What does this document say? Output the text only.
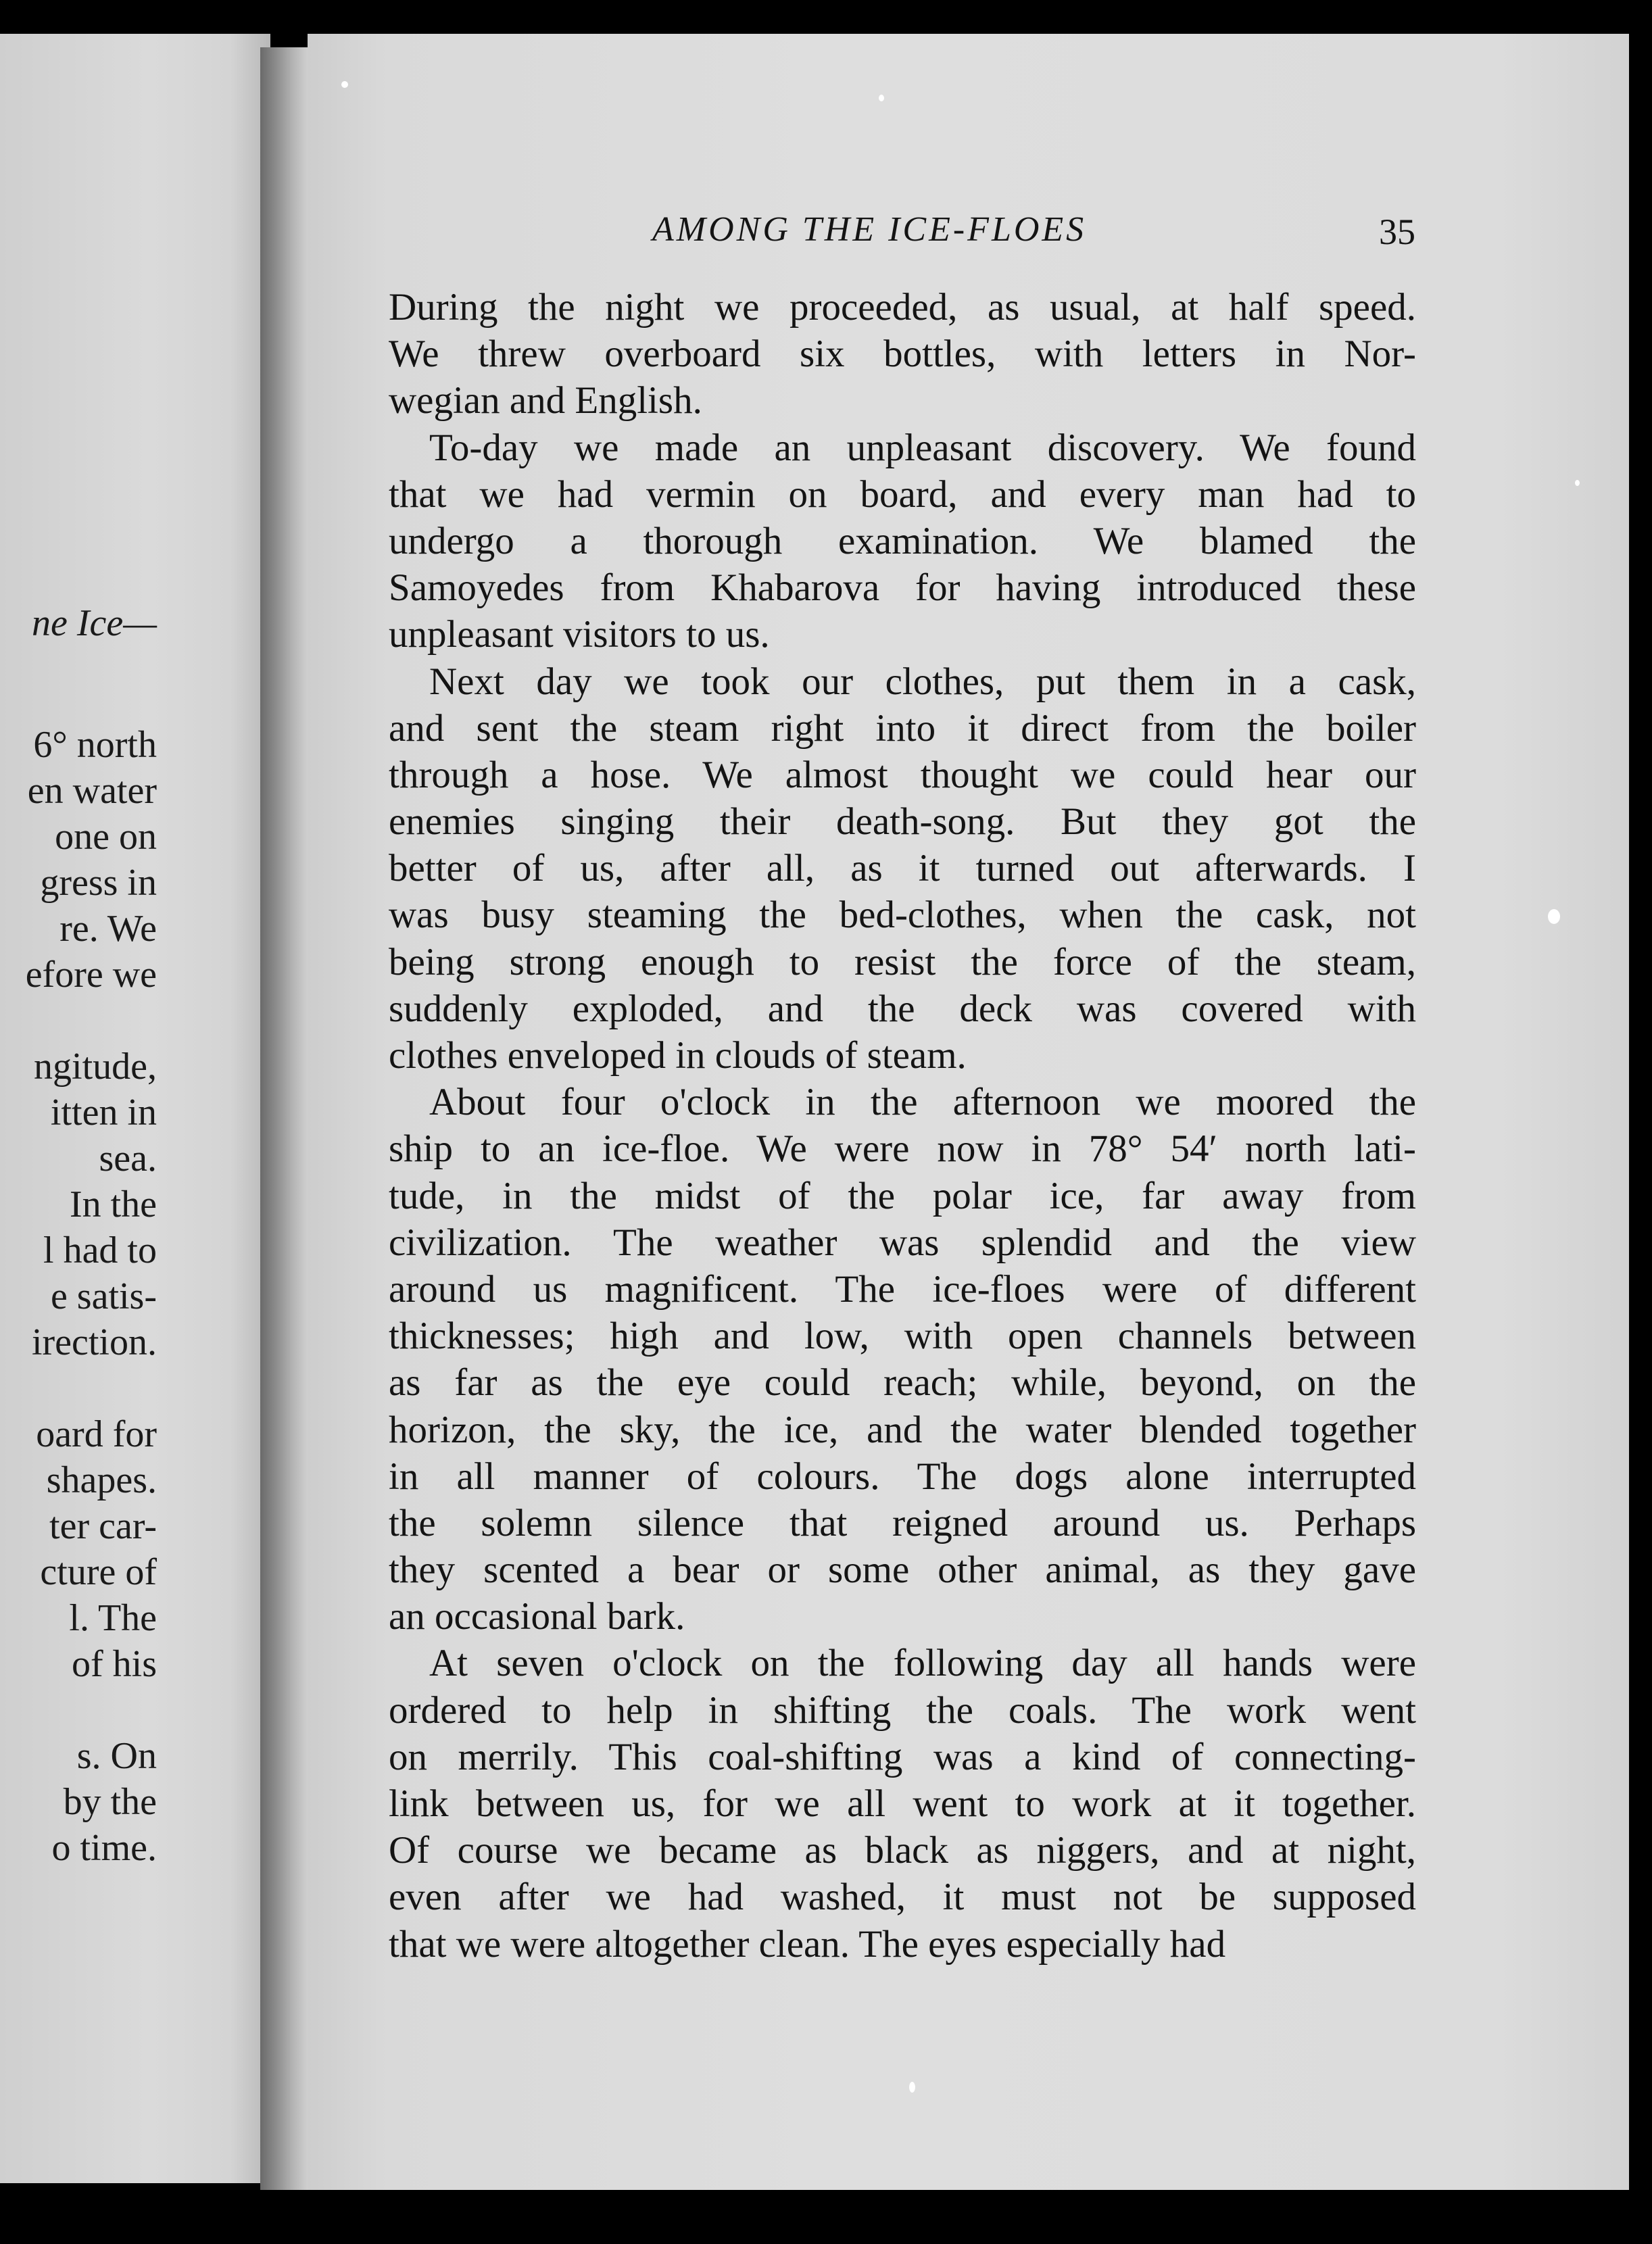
ne Ice—
6° north
en water
one on
gress in
re. We
efore we
ngitude,
itten in
sea.
In the
l had to
e satis-
irection.
oard for
shapes.
ter car-
cture of
l. The
of his
s. On
by the
o time.
AMONG THE ICE-FLOES	35
During the night we proceeded, as usual, at half speed.
We threw overboard six bottles, with letters in Nor-
wegian and English.
To-day we made an unpleasant discovery. We found
that we had vermin on board, and every man had to
undergo a thorough examination. We blamed the
Samoyedes from Khabarova for having introduced these
unpleasant visitors to us.
Next day we took our clothes, put them in a cask,
and sent the steam right into it direct from the boiler
through a hose. We almost thought we could hear our
enemies singing their death-song. But they got the
better of us, after all, as it turned out afterwards. I
was busy steaming the bed-clothes, when the cask, not
being strong enough to resist the force of the steam,
suddenly exploded, and the deck was covered with
clothes enveloped in clouds of steam.
About four o'clock in the afternoon we moored the
ship to an ice-floe. We were now in 78° 54′ north lati-
tude, in the midst of the polar ice, far away from
civilization. The weather was splendid and the view
around us magnificent. The ice-floes were of different
thicknesses; high and low, with open channels between
as far as the eye could reach; while, beyond, on the
horizon, the sky, the ice, and the water blended together
in all manner of colours. The dogs alone interrupted
the solemn silence that reigned around us. Perhaps
they scented a bear or some other animal, as they gave
an occasional bark.
At seven o'clock on the following day all hands were
ordered to help in shifting the coals. The work went
on merrily. This coal-shifting was a kind of connecting-
link between us, for we all went to work at it together.
Of course we became as black as niggers, and at night,
even after we had washed, it must not be supposed
that we were altogether clean. The eyes especially had
